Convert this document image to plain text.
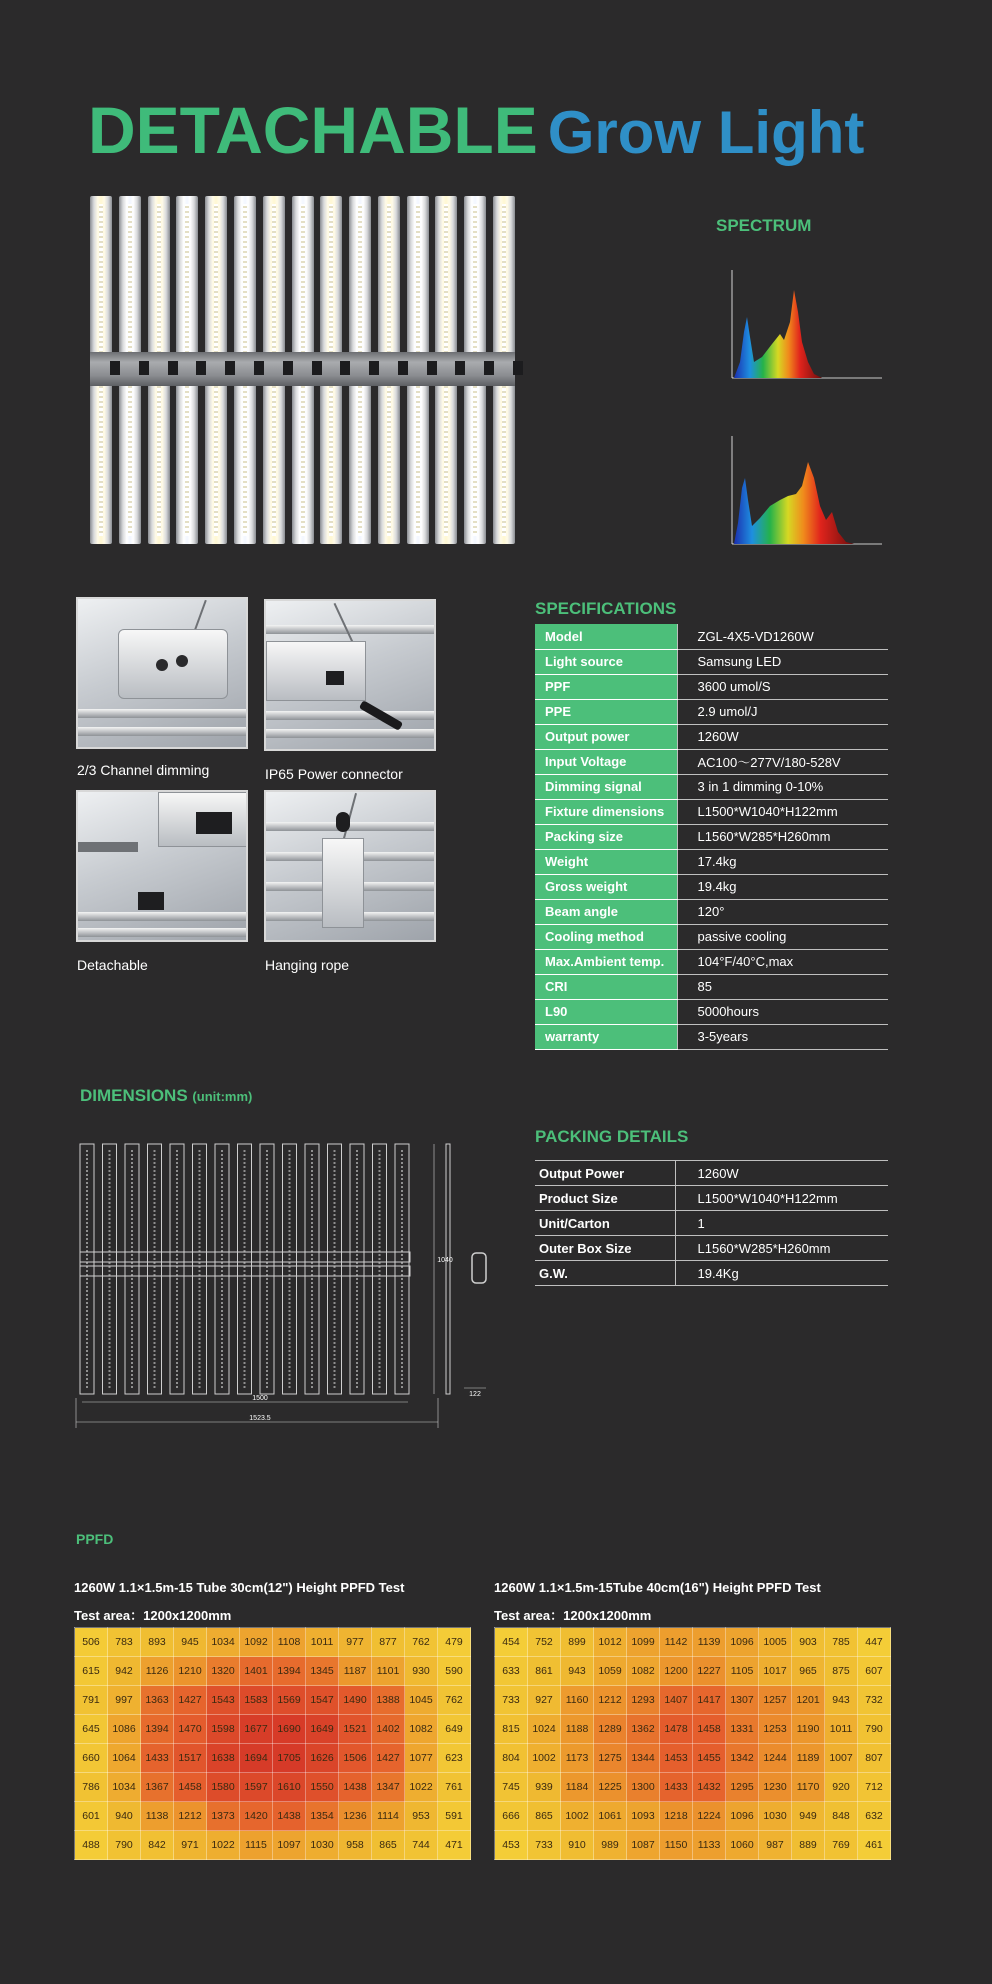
DETACHABLE Grow Light
SPECTRUM
2/3 Channel dimming	IP65 Power connector
Detachable	Hanging rope
SPECIFICATIONS
Model	ZGL-4X5-VD1260W
Light source	Samsung LED
PPF	3600 umol/S
PPE	2.9 umol/J
Output power	1260W
Input Voltage	AC100～277V/180-528V
Dimming signal	3 in 1 dimming 0-10%
Fixture dimensions	L1500*W1040*H122mm
Packing size	L1560*W285*H260mm
Weight	17.4kg
Gross weight	19.4kg
Beam angle	120°
Cooling method	passive cooling
Max.Ambient temp.	104°F/40°C,max
CRI	85
L90	5000hours
warranty	3-5years
DIMENSIONS (unit:mm)
1500
1523.5
1040
122
PACKING DETAILS
Output Power	1260W
Product Size	L1500*W1040*H122mm
Unit/Carton	1
Outer Box Size	L1560*W285*H260mm
G.W.	19.4Kg
PPFD
1260W 1.1×1.5m-15 Tube 30cm(12") Height PPFD Test
Test area：1200x1200mm
506	783	893	945	1034	1092	1108	1011	977	877	762	479
615	942	1126	1210	1320	1401	1394	1345	1187	1101	930	590
791	997	1363	1427	1543	1583	1569	1547	1490	1388	1045	762
645	1086	1394	1470	1598	1677	1690	1649	1521	1402	1082	649
660	1064	1433	1517	1638	1694	1705	1626	1506	1427	1077	623
786	1034	1367	1458	1580	1597	1610	1550	1438	1347	1022	761
601	940	1138	1212	1373	1420	1438	1354	1236	1114	953	591
488	790	842	971	1022	1115	1097	1030	958	865	744	471
1260W 1.1×1.5m-15Tube 40cm(16") Height PPFD Test
Test area：1200x1200mm
454	752	899	1012	1099	1142	1139	1096	1005	903	785	447
633	861	943	1059	1082	1200	1227	1105	1017	965	875	607
733	927	1160	1212	1293	1407	1417	1307	1257	1201	943	732
815	1024	1188	1289	1362	1478	1458	1331	1253	1190	1011	790
804	1002	1173	1275	1344	1453	1455	1342	1244	1189	1007	807
745	939	1184	1225	1300	1433	1432	1295	1230	1170	920	712
666	865	1002	1061	1093	1218	1224	1096	1030	949	848	632
453	733	910	989	1087	1150	1133	1060	987	889	769	461
